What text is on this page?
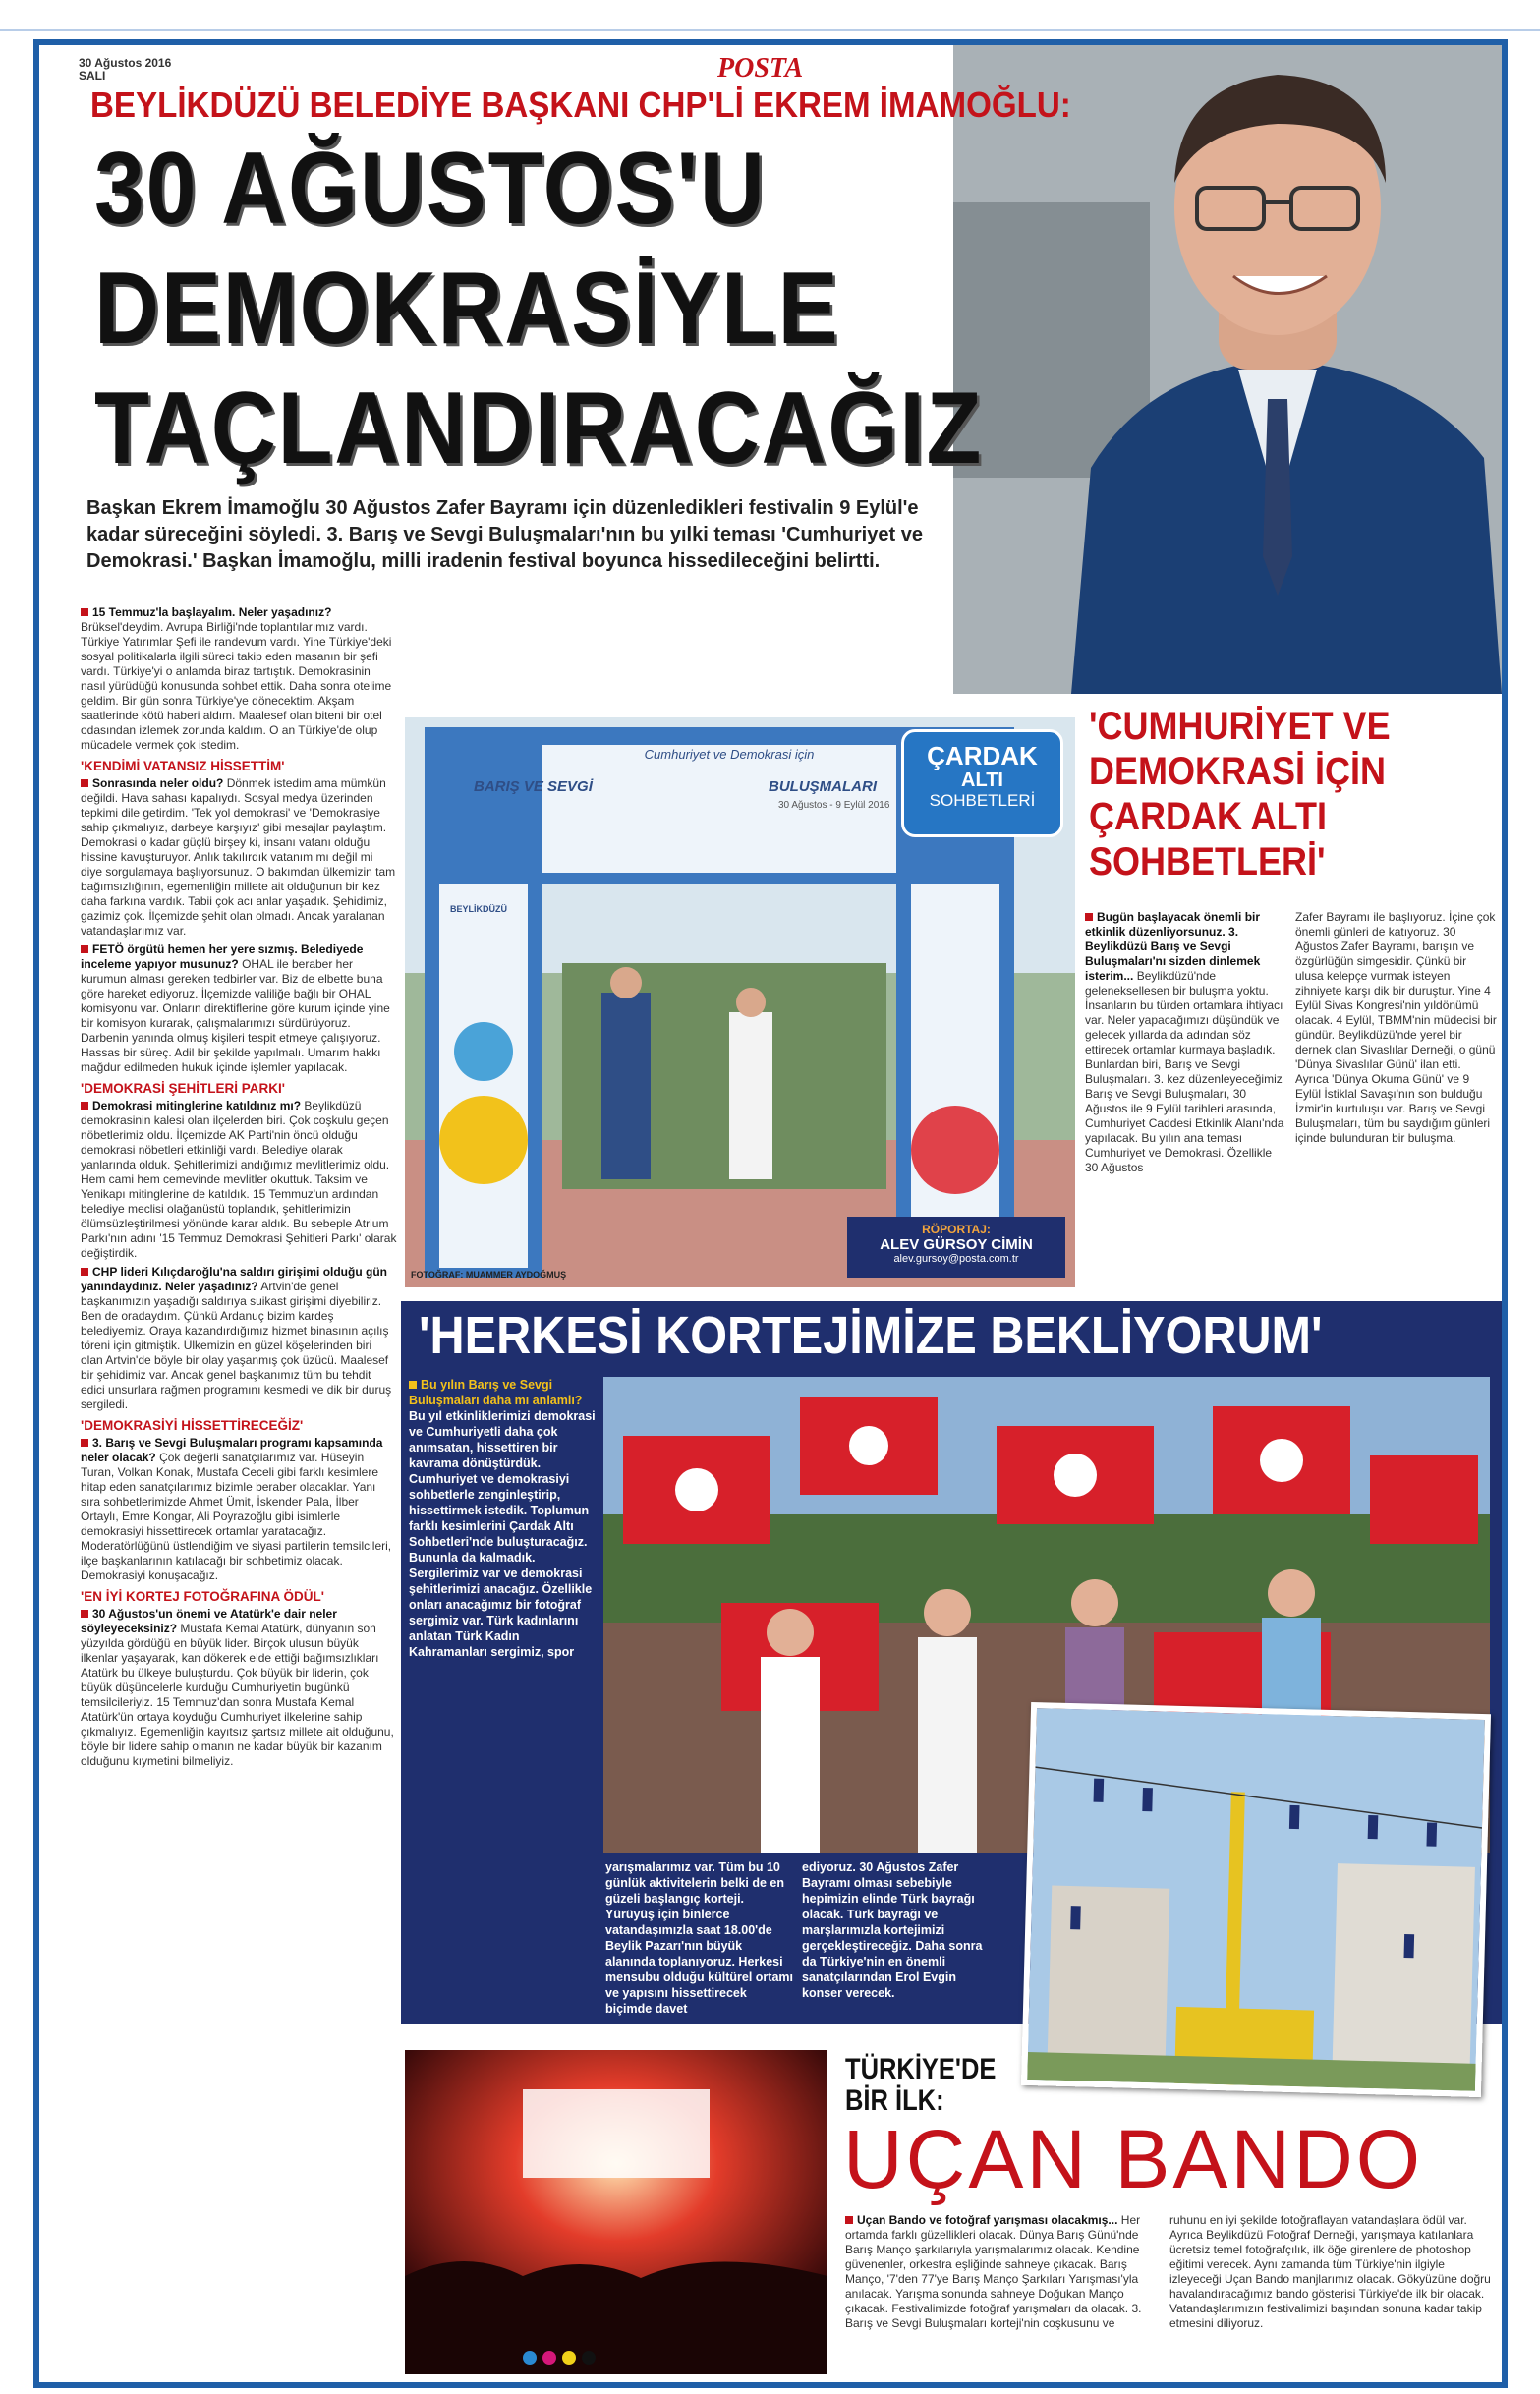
30 Ağustos 2016
SALI	POSTA
BEYLİKDÜZÜ BELEDİYE BAŞKANI CHP'Lİ EKREM İMAMOĞLU:
30 AĞUSTOS'U
DEMOKRASİYLE
TAÇLANDIRACAĞIZ
Başkan Ekrem İmamoğlu 30 Ağustos Zafer Bayramı için düzenledikleri festivalin 9 Eylül'e
kadar süreceğini söyledi. 3. Barış ve Sevgi Buluşmaları'nın bu yılki teması 'Cumhuriyet ve
Demokrasi.' Başkan İmamoğlu, milli iradenin festival boyunca hissedileceğini belirtti.
15 Temmuz'la başlayalım. Neler yaşadınız? Brüksel'deydim. Avrupa Birliği'nde toplantılarımız vardı. Türkiye Yatırımlar Şefi ile randevum vardı. Yine Türkiye'deki sosyal politikalarla ilgili süreci takip eden masanın bir şefi vardı. Türkiye'yi o anlamda biraz tartıştık. Demokrasinin nasıl yürüdüğü konusunda sohbet ettik. Daha sonra otelime geldim. Bir gün sonra Türkiye'ye dönecektim. Akşam saatlerinde kötü haberi aldım. Maalesef olan biteni bir otel odasından izlemek zorunda kaldım. O an Türkiye'de olup mücadele vermek çok istedim.
'KENDİMİ VATANSIZ HİSSETTİM'
Sonrasında neler oldu? Dönmek istedim ama mümkün değildi. Hava sahası kapalıydı. Sosyal medya üzerinden tepkimi dile getirdim. 'Tek yol demokrasi' ve 'Demokrasiye sahip çıkmalıyız, darbeye karşıyız' gibi mesajlar paylaştım. Demokrasi o kadar güçlü birşey ki, insanı vatanı olduğu hissine kavuşturuyor. Anlık takılırdık vatanım mı değil mi diye sorgulamaya başlıyorsunuz. O bakımdan ülkemizin tam bağımsızlığının, egemenliğin millete ait olduğunun bir kez daha farkına vardık. Tabii çok acı anlar yaşadık. Şehidimiz, gazimiz çok. İlçemizde şehit olan olmadı. Ancak yaralanan vatandaşlarımız var.
FETÖ örgütü hemen her yere sızmış. Belediyede inceleme yapıyor musunuz? OHAL ile beraber her kurumun alması gereken tedbirler var. Biz de elbette buna göre hareket ediyoruz. İlçemizde valiliğe bağlı bir OHAL komisyonu var. Onların direktiflerine göre kurum içinde yine bir komisyon kurarak, çalışmalarımızı sürdürüyoruz. Darbenin yanında olmuş kişileri tespit etmeye çalışıyoruz. Hassas bir süreç. Adil bir şekilde yapılmalı. Umarım hakkı mağdur edilmeden hukuk içinde işlemler yapılacak.
'DEMOKRASİ ŞEHİTLERİ PARKI'
Demokrasi mitinglerine katıldınız mı? Beylikdüzü demokrasinin kalesi olan ilçelerden biri. Çok coşkulu geçen nöbetlerimiz oldu. İlçemizde AK Parti'nin öncü olduğu demokrasi nöbetleri etkinliği vardı. Belediye olarak yanlarında olduk. Şehitlerimizi andığımız mevlitlerimiz oldu. Hem cami hem cemevinde mevlitler okuttuk. Taksim ve Yenikapı mitinglerine de katıldık. 15 Temmuz'un ardından belediye meclisi olağanüstü toplandık, şehitlerimizin ölümsüzleştirilmesi yönünde karar aldık. Bu sebeple Atrium Parkı'nın adını '15 Temmuz Demokrasi Şehitleri Parkı' olarak değiştirdik.
CHP lideri Kılıçdaroğlu'na saldırı girişimi olduğu gün yanındaydınız. Neler yaşadınız? Artvin'de genel başkanımızın yaşadığı saldırıya suikast girişimi diyebiliriz. Ben de oradaydım. Çünkü Ardanuç bizim kardeş belediyemiz. Oraya kazandırdığımız hizmet binasının açılış töreni için gitmiştik. Ülkemizin en güzel köşelerinden biri olan Artvin'de böyle bir olay yaşanmış çok üzücü. Maalesef bir şehidimiz var. Ancak genel başkanımız tüm bu tehdit edici unsurlara rağmen programını kesmedi ve dik bir duruş sergiledi.
'DEMOKRASİYİ HİSSETTİRECEĞİZ'
3. Barış ve Sevgi Buluşmaları programı kapsamında neler olacak? Çok değerli sanatçılarımız var. Hüseyin Turan, Volkan Konak, Mustafa Ceceli gibi farklı kesimlere hitap eden sanatçılarımız bizimle beraber olacaklar. Yanı sıra sohbetlerimizde Ahmet Ümit, İskender Pala, İlber Ortaylı, Emre Kongar, Ali Poyrazoğlu gibi isimlerle demokrasiyi hissettirecek ortamlar yaratacağız. Moderatörlüğünü üstlendiğim ve siyasi partilerin temsilcileri, ilçe başkanlarının katılacağı bir sohbetimiz olacak. Demokrasiyi konuşacağız.
'EN İYİ KORTEJ FOTOĞRAFINA ÖDÜL'
30 Ağustos'un önemi ve Atatürk'e dair neler söyleyeceksiniz? Mustafa Kemal Atatürk, dünyanın son yüzyılda gördüğü en büyük lider. Birçok ulusun büyük ilkenlar yaşayarak, kan dökerek elde ettiği bağımsızlıkları Atatürk bu ülkeye buluşturdu. Çok büyük bir liderin, çok büyük düşüncelerle kurduğu Cumhuriyetin bugünkü temsilcileriyiz. 15 Temmuz'dan sonra Mustafa Kemal Atatürk'ün ortaya koyduğu Cumhuriyet ilkelerine sahip çıkmalıyız. Egemenliğin kayıtsız şartsız millete ait olduğunu, böyle bir lidere sahip olmanın ne kadar büyük bir kazanım olduğunu kıymetini bilmeliyiz.
Cumhuriyet ve Demokrasi için
BARIŞ VE SEVGİ	BULUŞMALARI
30 Ağustos - 9 Eylül 2016
BEYLİKDÜZÜ
ÇARDAK
ALTI
SOHBETLERİ
FOTOĞRAF: MUAMMER AYDOĞMUŞ
RÖPORTAJ:
ALEV GÜRSOY CİMİN
alev.gursoy@posta.com.tr
'CUMHURİYET VE
DEMOKRASİ İÇİN
ÇARDAK ALTI
SOHBETLERİ'
Bugün başlayacak önemli bir etkinlik düzenliyorsunuz. 3. Beylikdüzü Barış ve Sevgi Buluşmaları'nı sizden dinlemek isterim... Beylikdüzü'nde geleneksellesen bir buluşma yoktu. İnsanların bu türden ortamlara ihtiyacı var. Neler yapacağımızı düşündük ve gelecek yıllarda da adından söz ettirecek ortamlar kurmaya başladık. Bunlardan biri, Barış ve Sevgi Buluşmaları. 3. kez düzenleyeceğimiz Barış ve Sevgi Buluşmaları, 30 Ağustos ile 9 Eylül tarihleri arasında, Cumhuriyet Caddesi Etkinlik Alanı'nda yapılacak. Bu yılın ana teması Cumhuriyet ve Demokrasi. Özellikle 30 Ağustos
Zafer Bayramı ile başlıyoruz. İçine çok önemli günleri de katıyoruz. 30 Ağustos Zafer Bayramı, barışın ve özgürlüğün simgesidir. Çünkü bir ulusa kelepçe vurmak isteyen zihniyete karşı dik bir duruştur. Yine 4 Eylül Sivas Kongresi'nin yıldönümü olacak. 4 Eylül, TBMM'nin müdecisi bir gündür. Beylikdüzü'nde yerel bir dernek olan Sivaslılar Derneği, o günü 'Dünya Sivaslılar Günü' ilan etti. Ayrıca 'Dünya Okuma Günü' ve 9 Eylül İstiklal Savaşı'nın son bulduğu İzmir'in kurtuluşu var. Barış ve Sevgi Buluşmaları, tüm bu saydığım günleri içinde bulunduran bir buluşma.
'HERKESİ KORTEJİMİZE BEKLİYORUM'
Bu yılın Barış ve Sevgi Buluşmaları daha mı anlamlı?
Bu yıl etkinliklerimizi demokrasi ve Cumhuriyetli daha çok anımsatan, hissettiren bir kavrama dönüştürdük. Cumhuriyet ve demokrasiyi sohbetlerle zenginleştirip, hissettirmek istedik. Toplumun farklı kesimlerini Çardak Altı Sohbetleri'nde buluşturacağız. Bununla da kalmadık. Sergilerimiz var ve demokrasi şehitlerimizi anacağız. Özellikle onları anacağımız bir fotoğraf sergimiz var. Türk kadınlarını anlatan Türk Kadın Kahramanları sergimiz, spor
yarışmalarımız var. Tüm bu 10 günlük aktivitelerin belki de en güzeli başlangıç korteji. Yürüyüş için binlerce vatandaşımızla saat 18.00'de Beylik Pazarı'nın büyük alanında toplanıyoruz. Herkesi mensubu olduğu kültürel ortamı ve yapısını hissettirecek biçimde davet
ediyoruz. 30 Ağustos Zafer Bayramı olması sebebiyle hepimizin elinde Türk bayrağı olacak. Türk bayrağı ve marşlarımızla kortejimizi gerçekleştireceğiz. Daha sonra da Türkiye'nin en önemli sanatçılarından Erol Evgin konser verecek.
TÜRKİYE'DE
BİR İLK:
UÇAN BANDO
Uçan Bando ve fotoğraf yarışması olacakmış... Her ortamda farklı güzellikleri olacak. Dünya Barış Günü'nde Barış Manço şarkılarıyla yarışmalarımız olacak. Kendine güvenenler, orkestra eşliğinde sahneye çıkacak. Barış Manço, '7'den 77'ye Barış Manço Şarkıları Yarışması'yla anılacak. Yarışma sonunda sahneye Doğukan Manço çıkacak. Festivalimizde fotoğraf yarışmaları da olacak. 3. Barış ve Sevgi Buluşmaları korteji'nin coşkusunu ve
ruhunu en iyi şekilde fotoğraflayan vatandaşlara ödül var. Ayrıca Beylikdüzü Fotoğraf Derneği, yarışmaya katılanlara ücretsiz temel fotoğrafçılık, ilk öğe girenlere de photoshop eğitimi verecek. Aynı zamanda tüm Türkiye'nin ilgiyle izleyeceği Uçan Bando manjlarımız olacak. Gökyüzüne doğru havalandıracağımız bando gösterisi Türkiye'de ilk bir olacak. Vatandaşlarımızın festivalimizi başından sonuna kadar takip etmesini diliyoruz.
